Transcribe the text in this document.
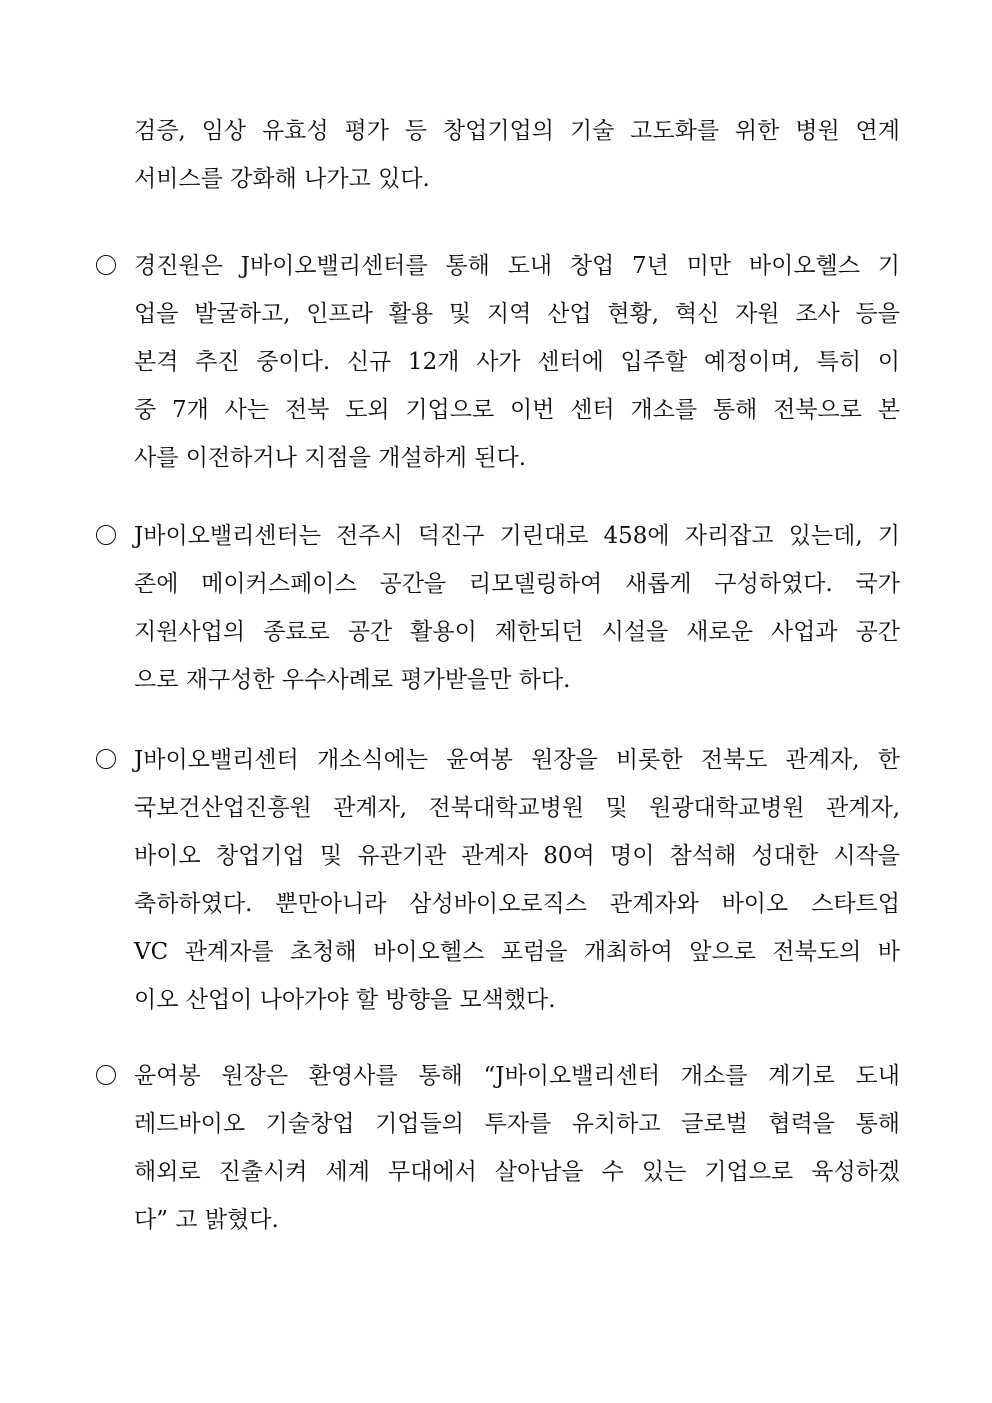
검증, 임상 유효성 평가 등 창업기업의 기술 고도화를 위한 병원 연계
서비스를 강화해 나가고 있다.
경진원은 J바이오밸리센터를 통해 도내 창업 7년 미만 바이오헬스 기
업을 발굴하고, 인프라 활용 및 지역 산업 현황, 혁신 자원 조사 등을
본격 추진 중이다. 신규 12개 사가 센터에 입주할 예정이며, 특히 이
중 7개 사는 전북 도외 기업으로 이번 센터 개소를 통해 전북으로 본
사를 이전하거나 지점을 개설하게 된다.
J바이오밸리센터는 전주시 덕진구 기린대로 458에 자리잡고 있는데, 기
존에 메이커스페이스 공간을 리모델링하여 새롭게 구성하였다. 국가
지원사업의 종료로 공간 활용이 제한되던 시설을 새로운 사업과 공간
으로 재구성한 우수사례로 평가받을만 하다.
J바이오밸리센터 개소식에는 윤여봉 원장을 비롯한 전북도 관계자, 한
국보건산업진흥원 관계자, 전북대학교병원 및 원광대학교병원 관계자,
바이오 창업기업 및 유관기관 관계자 80여 명이 참석해 성대한 시작을
축하하였다. 뿐만아니라 삼성바이오로직스 관계자와 바이오 스타트업
VC 관계자를 초청해 바이오헬스 포럼을 개최하여 앞으로 전북도의 바
이오 산업이 나아가야 할 방향을 모색했다.
윤여봉 원장은 환영사를 통해 “J바이오밸리센터 개소를 계기로 도내
레드바이오 기술창업 기업들의 투자를 유치하고 글로벌 협력을 통해
해외로 진출시켜 세계 무대에서 살아남을 수 있는 기업으로 육성하겠
다” 고 밝혔다.
